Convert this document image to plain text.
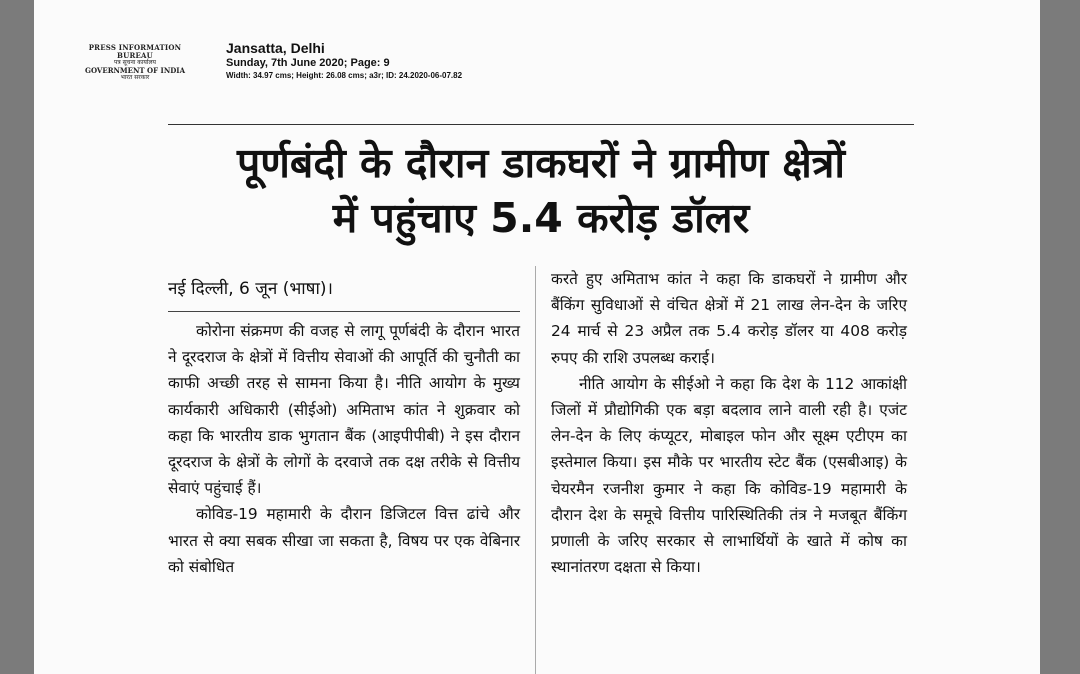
PRESS INFORMATION BUREAU
पत्र सूचना कार्यालय
GOVERNMENT OF INDIA
भारत सरकार
Jansatta, Delhi
Sunday, 7th June 2020; Page: 9
Width: 34.97 cms; Height: 26.08 cms; a3r; ID: 24.2020-06-07.82
पूर्णबंदी के दौरान डाकघरों ने ग्रामीण क्षेत्रों
में पहुंचाए 5.4 करोड़ डॉलर
नई दिल्ली, 6 जून (भाषा)।

कोरोना संक्रमण की वजह से लागू पूर्णबंदी के दौरान भारत ने दूरदराज के क्षेत्रों में वित्तीय सेवाओं की आपूर्ति की चुनौती का काफी अच्छी तरह से सामना किया है। नीति आयोग के मुख्य कार्यकारी अधिकारी (सीईओ) अमिताभ कांत ने शुक्रवार को कहा कि भारतीय डाक भुगतान बैंक (आइपीपीबी) ने इस दौरान दूरदराज के क्षेत्रों के लोगों के दरवाजे तक दक्ष तरीके से वित्तीय सेवाएं पहुंचाई हैं।

कोविड-19 महामारी के दौरान डिजिटल वित्त ढांचे और भारत से क्या सबक सीखा जा सकता है, विषय पर एक वेबिनार को संबोधित

करते हुए अमिताभ कांत ने कहा कि डाकघरों ने ग्रामीण और बैंकिंग सुविधाओं से वंचित क्षेत्रों में 21 लाख लेन-देन के जरिए 24 मार्च से 23 अप्रैल तक 5.4 करोड़ डॉलर या 408 करोड़ रुपए की राशि उपलब्ध कराई।

नीति आयोग के सीईओ ने कहा कि देश के 112 आकांक्षी जिलों में प्रौद्योगिकी एक बड़ा बदलाव लाने वाली रही है। एजंट लेन-देन के लिए कंप्यूटर, मोबाइल फोन और सूक्ष्म एटीएम का इस्तेमाल किया। इस मौके पर भारतीय स्टेट बैंक (एसबीआइ) के चेयरमैन रजनीश कुमार ने कहा कि कोविड-19 महामारी के दौरान देश के समूचे वित्तीय पारिस्थितिकी तंत्र ने मजबूत बैंकिंग प्रणाली के जरिए सरकार से लाभार्थियों के खाते में कोष का स्थानांतरण दक्षता से किया।
